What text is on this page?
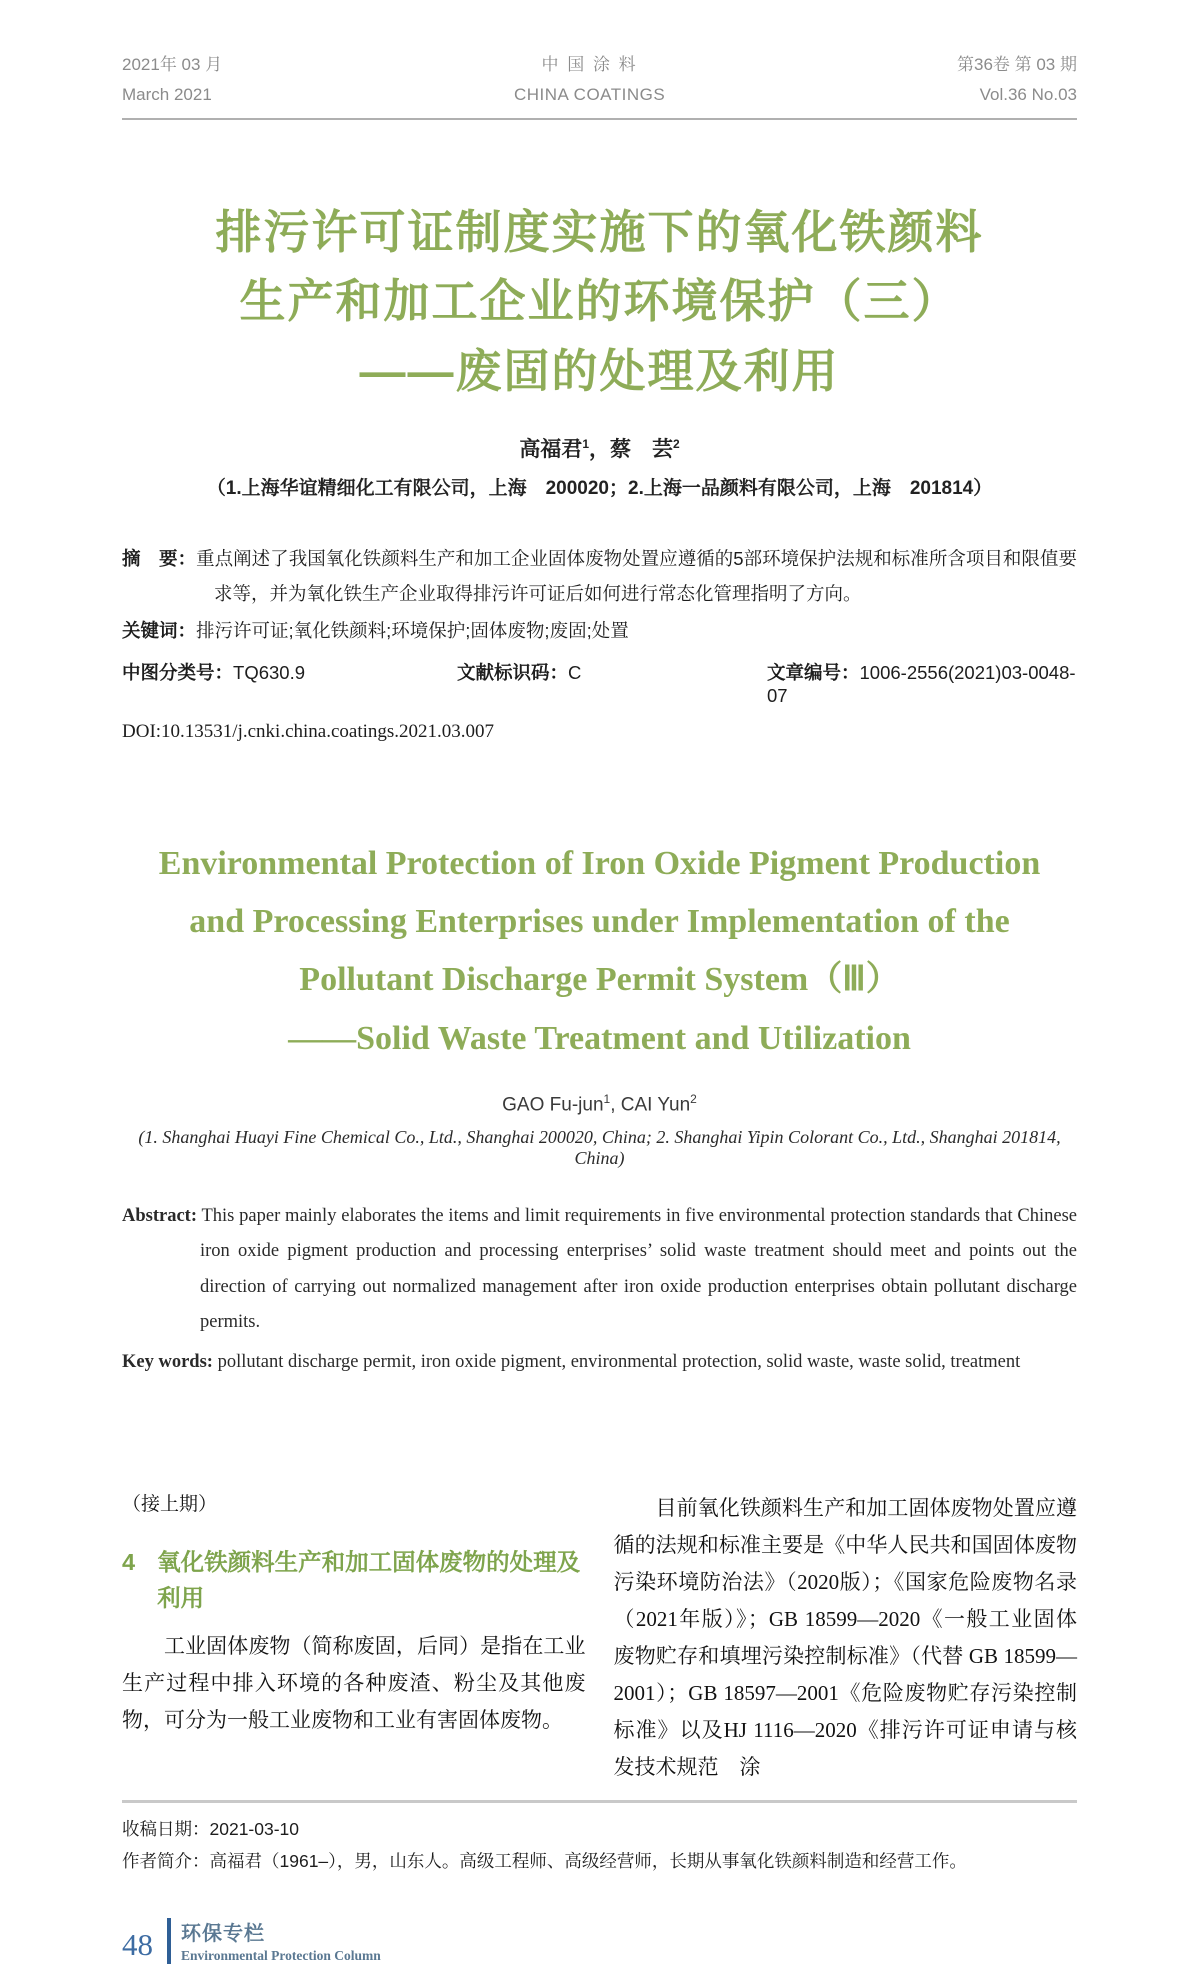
2021年 03 月
March 2021
中 国 涂 料
CHINA COATINGS
第36卷 第 03 期
Vol.36 No.03
排污许可证制度实施下的氧化铁颜料
生产和加工企业的环境保护（三）
——废固的处理及利用
高福君$^1$，蔡　芸$^2$
（1.上海华谊精细化工有限公司，上海　200020；2.上海一品颜料有限公司，上海　201814）
摘　要：重点阐述了我国氧化铁颜料生产和加工企业固体废物处置应遵循的5部环境保护法规和标准所含项目和限值要求等，并为氧化铁生产企业取得排污许可证后如何进行常态化管理指明了方向。
关键词：排污许可证;氧化铁颜料;环境保护;固体废物;废固;处置
中图分类号：TQ630.9	文献标识码：C	文章编号：1006-2556(2021)03-0048-07
DOI:10.13531/j.cnki.china.coatings.2021.03.007
Environmental Protection of Iron Oxide Pigment Production
and Processing Enterprises under Implementation of the
Pollutant Discharge Permit System（Ⅲ）
——Solid Waste Treatment and Utilization
GAO Fu-jun$^1$, CAI Yun$^2$
(1. Shanghai Huayi Fine Chemical Co., Ltd., Shanghai 200020, China; 2. Shanghai Yipin Colorant Co., Ltd., Shanghai 201814, China)
Abstract: This paper mainly elaborates the items and limit requirements in five environmental protection standards that Chinese iron oxide pigment production and processing enterprises’ solid waste treatment should meet and points out the direction of carrying out normalized management after iron oxide production enterprises obtain pollutant discharge permits.
Key words: pollutant discharge permit, iron oxide pigment, environmental protection, solid waste, waste solid, treatment
（接上期）
4 氧化铁颜料生产和加工固体废物的处理及利用
工业固体废物（简称废固，后同）是指在工业生产过程中排入环境的各种废渣、粉尘及其他废物，可分为一般工业废物和工业有害固体废物。
目前氧化铁颜料生产和加工固体废物处置应遵循的法规和标准主要是《中华人民共和国固体废物污染环境防治法》（2020版）；《国家危险废物名录（2021年版）》；GB 18599—2020《一般工业固体废物贮存和填埋污染控制标准》（代替 GB 18599—2001）；GB 18597—2001《危险废物贮存污染控制标准》以及HJ 1116—2020《排污许可证申请与核发技术规范　涂
收稿日期：2021-03-10
作者简介：高福君（1961–），男，山东人。高级工程师、高级经营师，长期从事氧化铁颜料制造和经营工作。
48	环保专栏
Environmental Protection Column
